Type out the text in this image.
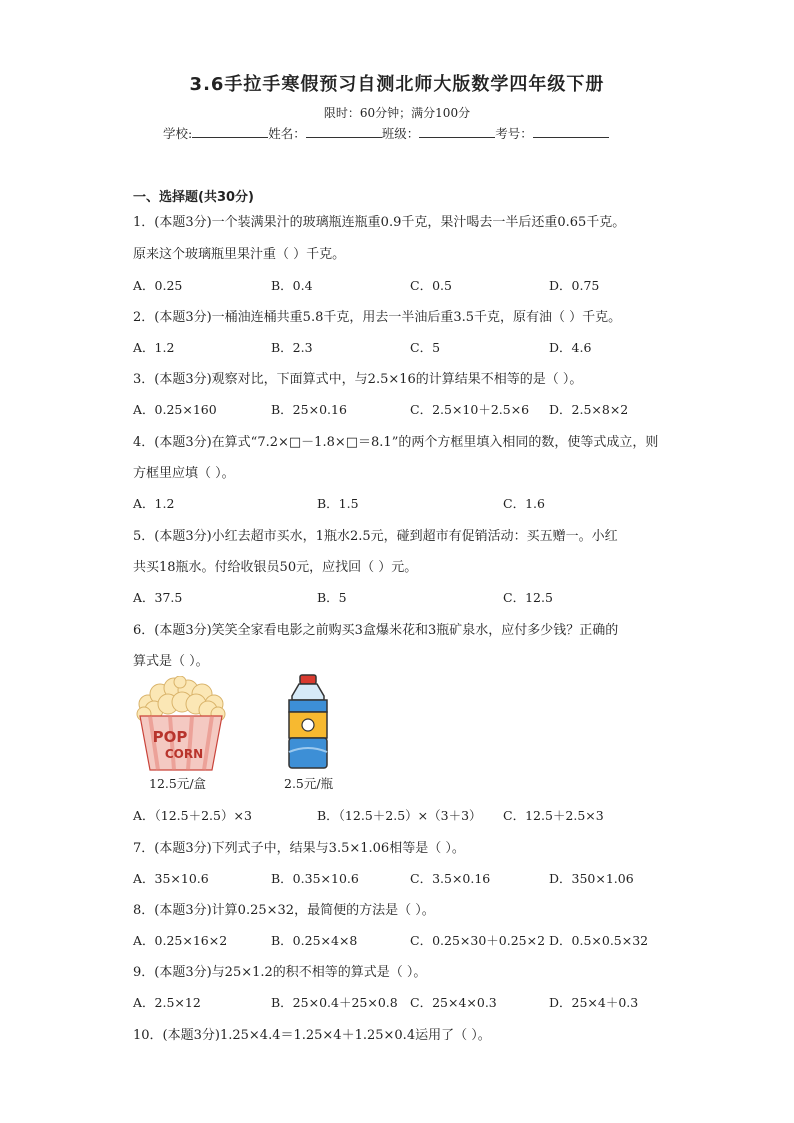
3.6手拉手寒假预习自测北师大版数学四年级下册
限时：60分钟；满分100分
学校:	姓名：	班级：	考号：
一、选择题(共30分)
1．(本题3分)一个装满果汁的玻璃瓶连瓶重0.9千克，果汁喝去一半后还重0.65千克。
原来这个玻璃瓶里果汁重（ ）千克。
A．0.25	B．0.4	C．0.5	D．0.75
2．(本题3分)一桶油连桶共重5.8千克，用去一半油后重3.5千克，原有油（ ）千克。
A．1.2	B．2.3	C．5	D．4.6
3．(本题3分)观察对比，下面算式中，与2.5×16的计算结果不相等的是（ ）。
A．0.25×160	B．25×0.16	C．2.5×10＋2.5×6 D．2.5×8×2
4．(本题3分)在算式“7.2×□－1.8×□＝8.1”的两个方框里填入相同的数，使等式成立，则
方框里应填（ ）。
A．1.2	B．1.5	C．1.6
5．(本题3分)小红去超市买水，1瓶水2.5元，碰到超市有促销活动：买五赠一。小红
共买18瓶水。付给收银员50元，应找回（ ）元。
A．37.5	B．5	C．12.5
6．(本题3分)笑笑全家看电影之前购买3盒爆米花和3瓶矿泉水，应付多少钱？正确的
算式是（ ）。
POP
CORN
12.5元/盒	2.5元/瓶
A．（12.5＋2.5）×3	B．（12.5＋2.5）×（3＋3） C．12.5＋2.5×3
7．(本题3分)下列式子中，结果与3.5×1.06相等是（ ）。
A．35×10.6	B．0.35×10.6	C．3.5×0.16	D．350×1.06
8．(本题3分)计算0.25×32，最简便的方法是（ ）。
A．0.25×16×2	B．0.25×4×8	C．0.25×30＋0.25×2 D．0.5×0.5×32
9．(本题3分)与25×1.2的积不相等的算式是（ ）。
A．2.5×12	B．25×0.4＋25×0.8 C．25×4×0.3	D．25×4＋0.3
10．(本题3分)1.25×4.4＝1.25×4＋1.25×0.4运用了（ ）。
